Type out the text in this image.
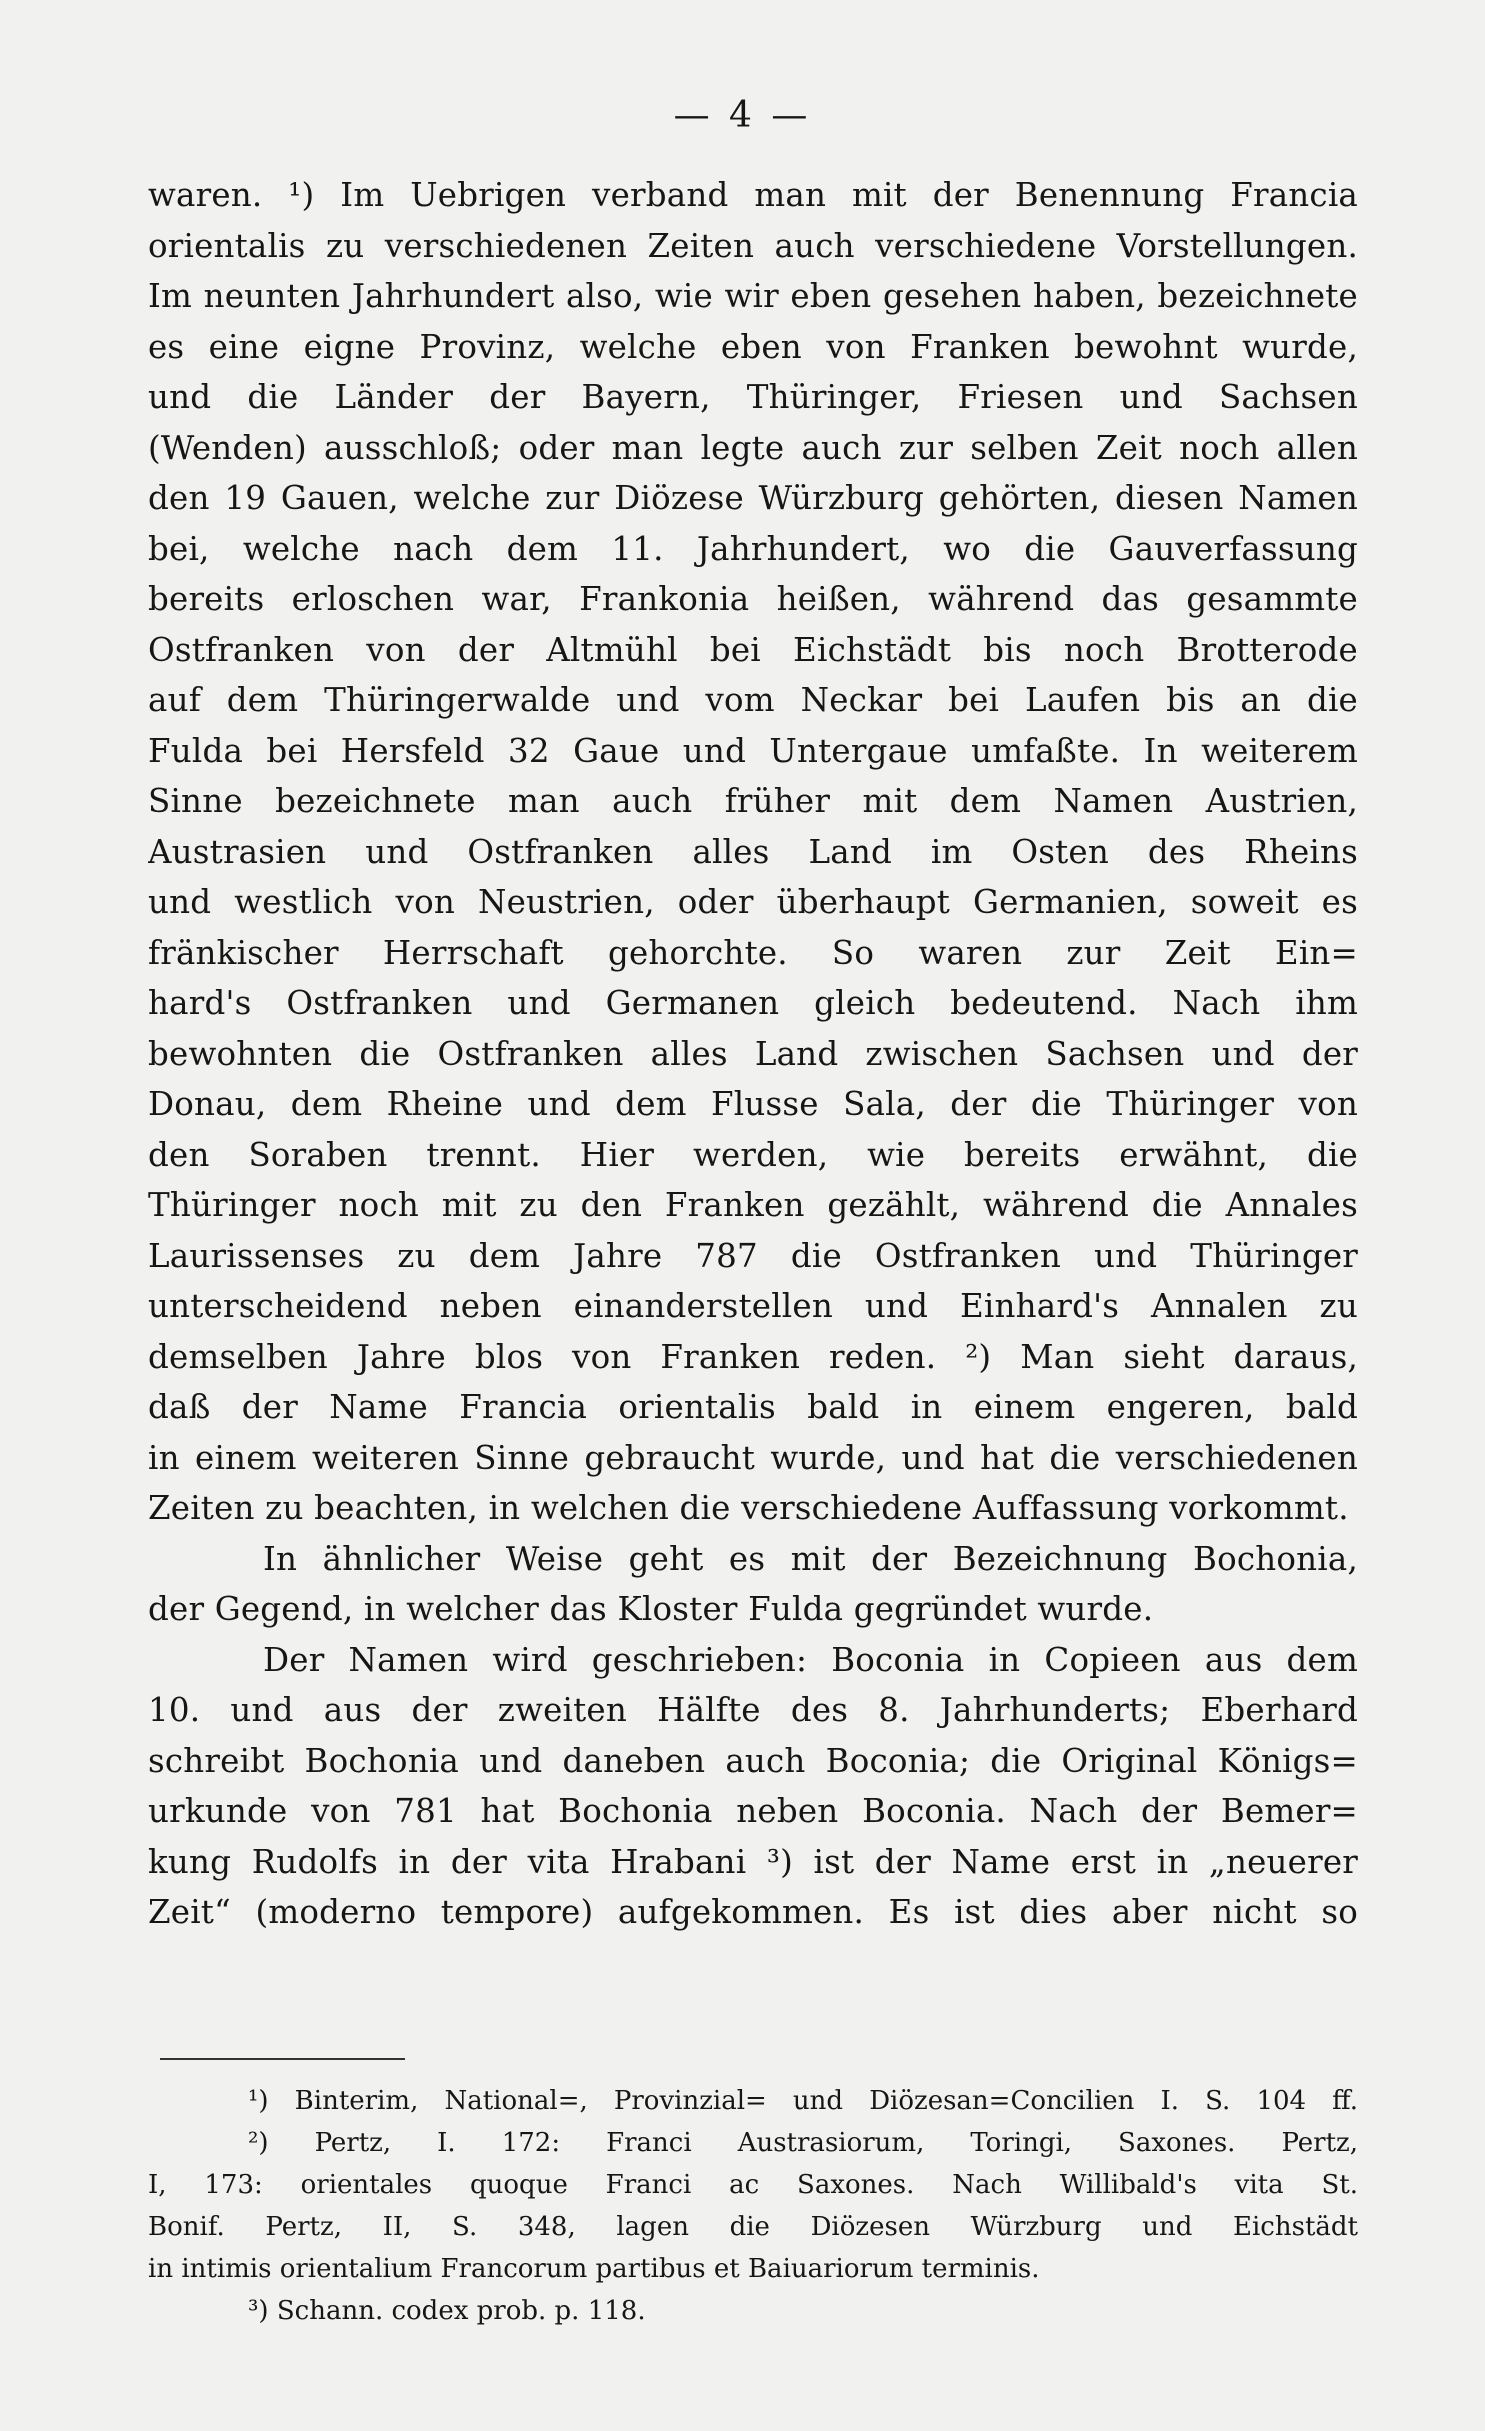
— 4 —
waren. ¹) Im Uebrigen verband man mit der Benennung Francia
orientalis zu verschiedenen Zeiten auch verschiedene Vorstellungen.
Im neunten Jahrhundert also, wie wir eben gesehen haben, bezeichnete
es eine eigne Provinz, welche eben von Franken bewohnt wurde,
und die Länder der Bayern, Thüringer, Friesen und Sachsen
(Wenden) ausschloß; oder man legte auch zur selben Zeit noch allen
den 19 Gauen, welche zur Diözese Würzburg gehörten, diesen Namen
bei, welche nach dem 11. Jahrhundert, wo die Gauverfassung
bereits erloschen war, Frankonia heißen, während das gesammte
Ostfranken von der Altmühl bei Eichstädt bis noch Brotterode
auf dem Thüringerwalde und vom Neckar bei Laufen bis an die
Fulda bei Hersfeld 32 Gaue und Untergaue umfaßte. In weiterem
Sinne bezeichnete man auch früher mit dem Namen Austrien,
Austrasien und Ostfranken alles Land im Osten des Rheins
und westlich von Neustrien, oder überhaupt Germanien, soweit es
fränkischer Herrschaft gehorchte. So waren zur Zeit Ein=
hard's Ostfranken und Germanen gleich bedeutend. Nach ihm
bewohnten die Ostfranken alles Land zwischen Sachsen und der
Donau, dem Rheine und dem Flusse Sala, der die Thüringer von
den Soraben trennt. Hier werden, wie bereits erwähnt, die
Thüringer noch mit zu den Franken gezählt, während die Annales
Laurissenses zu dem Jahre 787 die Ostfranken und Thüringer
unterscheidend neben einanderstellen und Einhard's Annalen zu
demselben Jahre blos von Franken reden. ²) Man sieht daraus,
daß der Name Francia orientalis bald in einem engeren, bald
in einem weiteren Sinne gebraucht wurde, und hat die verschiedenen
Zeiten zu beachten, in welchen die verschiedene Auffassung vorkommt.
In ähnlicher Weise geht es mit der Bezeichnung Bochonia,
der Gegend, in welcher das Kloster Fulda gegründet wurde.
Der Namen wird geschrieben: Boconia in Copieen aus dem
10. und aus der zweiten Hälfte des 8. Jahrhunderts; Eberhard
schreibt Bochonia und daneben auch Boconia; die Original Königs=
urkunde von 781 hat Bochonia neben Boconia. Nach der Bemer=
kung Rudolfs in der vita Hrabani ³) ist der Name erst in „neuerer
Zeit“ (moderno tempore) aufgekommen. Es ist dies aber nicht so
¹) Binterim, National=, Provinzial= und Diözesan=Concilien I. S. 104 ff.
²) Pertz, I. 172: Franci Austrasiorum, Toringi, Saxones. Pertz,
I, 173: orientales quoque Franci ac Saxones. Nach Willibald's vita St.
Bonif. Pertz, II, S. 348, lagen die Diözesen Würzburg und Eichstädt
in intimis orientalium Francorum partibus et Baiuariorum terminis.
³) Schann. codex prob. p. 118.
